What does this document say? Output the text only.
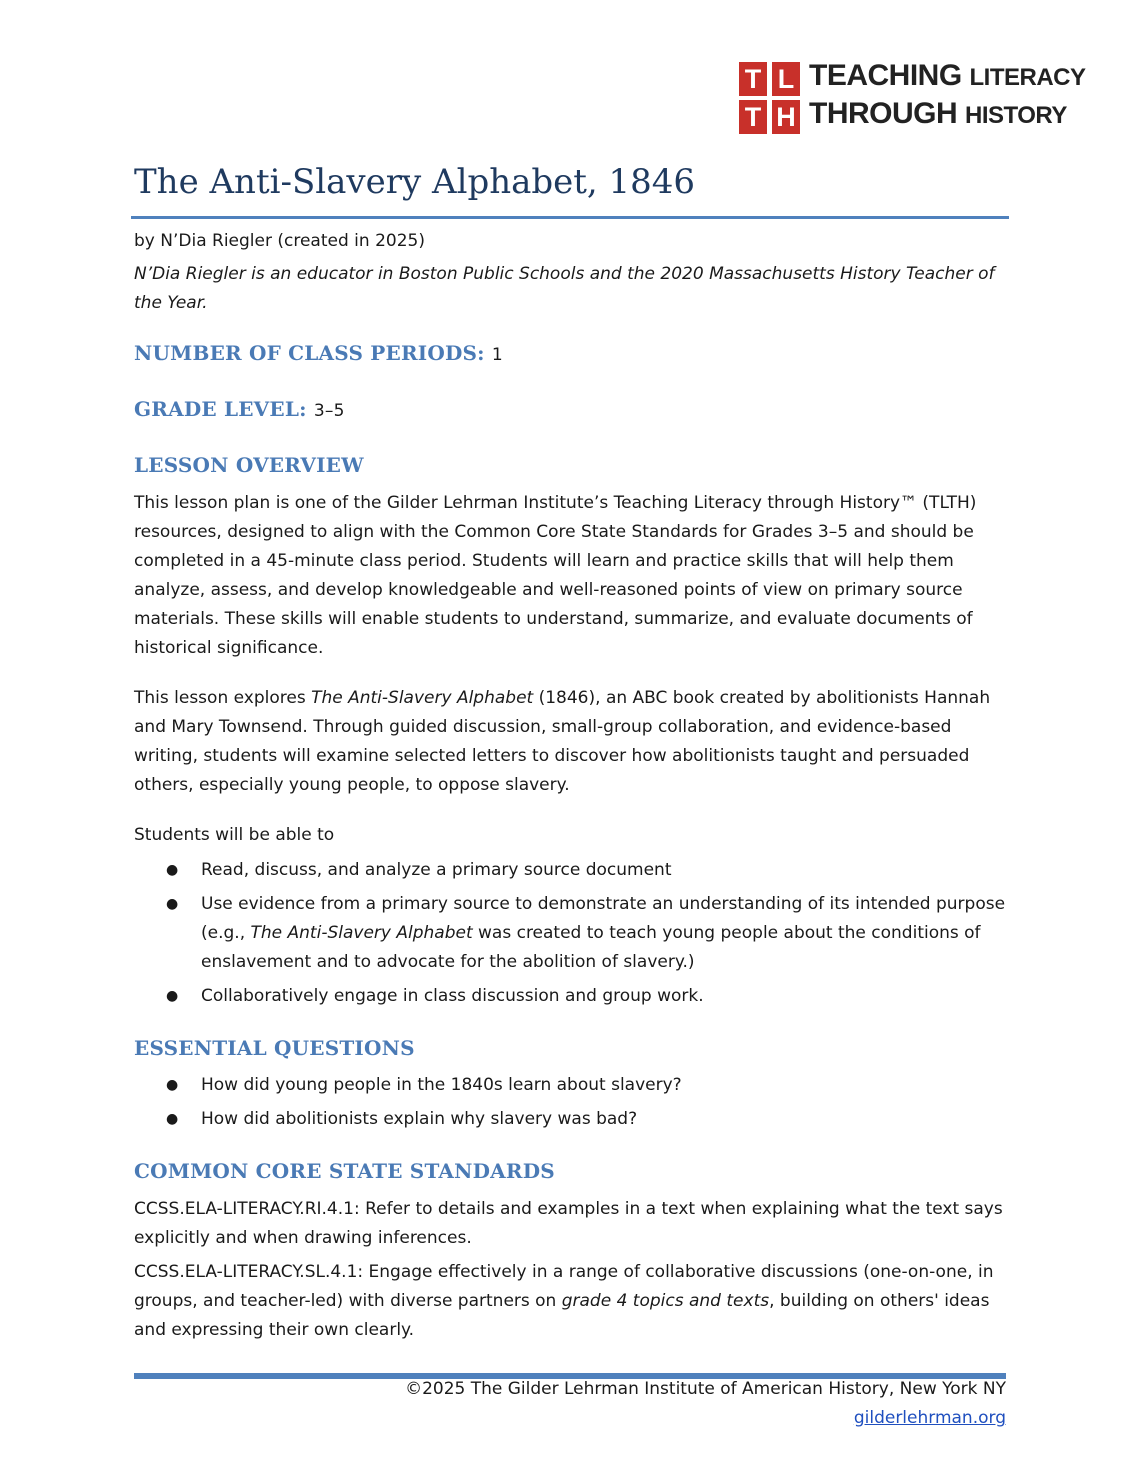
T L
T H
TEACHING LITERACY
THROUGH HISTORY
The Anti-Slavery Alphabet, 1846

by N’Dia Riegler (created in 2025)

N’Dia Riegler is an educator in Boston Public Schools and the 2020 Massachusetts History Teacher of the Year.

NUMBER OF CLASS PERIODS: 1
GRADE LEVEL: 3–5
LESSON OVERVIEW

This lesson plan is one of the Gilder Lehrman Institute’s Teaching Literacy through History™ (TLTH) resources, designed to align with the Common Core State Standards for Grades 3–5 and should be completed in a 45-minute class period. Students will learn and practice skills that will help them analyze, assess, and develop knowledgeable and well-reasoned points of view on primary source materials. These skills will enable students to understand, summarize, and evaluate documents of historical significance.

This lesson explores The Anti-Slavery Alphabet (1846), an ABC book created by abolitionists Hannah and Mary Townsend. Through guided discussion, small-group collaboration, and evidence-based writing, students will examine selected letters to discover how abolitionists taught and persuaded others, especially young people, to oppose slavery.

Students will be able to

● Read, discuss, and analyze a primary source document
● Use evidence from a primary source to demonstrate an understanding of its intended purpose (e.g., The Anti-Slavery Alphabet was created to teach young people about the conditions of enslavement and to advocate for the abolition of slavery.)
● Collaboratively engage in class discussion and group work.
ESSENTIAL QUESTIONS
● How did young people in the 1840s learn about slavery?
● How did abolitionists explain why slavery was bad?
COMMON CORE STATE STANDARDS

CCSS.ELA-LITERACY.RI.4.1: Refer to details and examples in a text when explaining what the text says explicitly and when drawing inferences.

CCSS.ELA-LITERACY.SL.4.1: Engage effectively in a range of collaborative discussions (one-on-one, in groups, and teacher-led) with diverse partners on grade 4 topics and texts, building on others' ideas and expressing their own clearly.

©2025 The Gilder Lehrman Institute of American History, New York NY
gilderlehrman.org
